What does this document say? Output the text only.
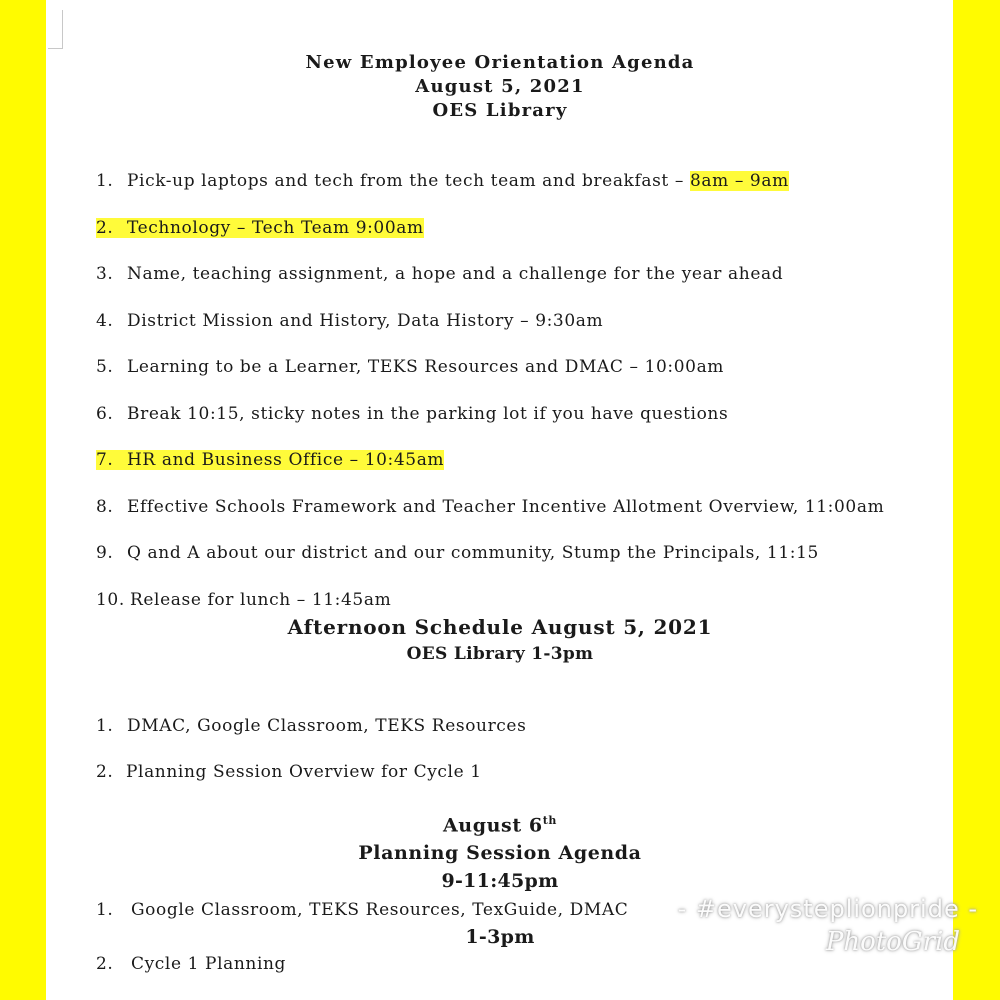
New Employee Orientation Agenda
August 5, 2021
OES Library
1. Pick-up laptops and tech from the tech team and breakfast – 8am – 9am
2. Technology – Tech Team 9:00am
3. Name, teaching assignment, a hope and a challenge for the year ahead
4. District Mission and History, Data History – 9:30am
5. Learning to be a Learner, TEKS Resources and DMAC – 10:00am
6. Break 10:15, sticky notes in the parking lot if you have questions
7. HR and Business Office – 10:45am
8. Effective Schools Framework and Teacher Incentive Allotment Overview, 11:00am
9. Q and A about our district and our community, Stump the Principals, 11:15
10. Release for lunch – 11:45am
Afternoon Schedule August 5, 2021
OES Library 1-3pm
1. DMAC, Google Classroom, TEKS Resources
2. Planning Session Overview for Cycle 1
August 6th
Planning Session Agenda
9-11:45pm
1. Google Classroom, TEKS Resources, TexGuide, DMAC
1-3pm
2. Cycle 1 Planning
- #everysteplionpride -
PhotoGrid
